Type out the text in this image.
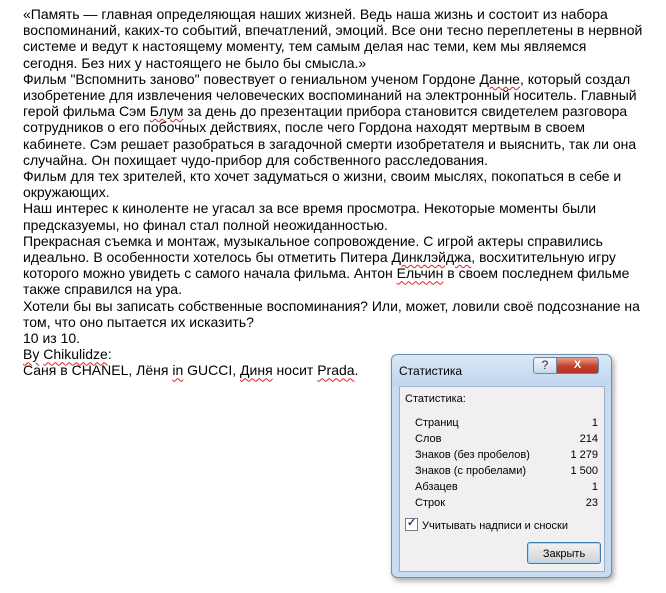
«Память — главная определяющая наших жизней. Ведь наша жизнь и состоит из набора воспоминаний, каких-то событий, впечатлений, эмоций. Все они тесно переплетены в нервной системе и ведут к настоящему моменту, тем самым делая нас теми, кем мы являемся сегодня. Без них у настоящего не было бы смысла.»

Фильм "Вспомнить заново" повествует о гениальном ученом Гордоне Данне, который создал изобретение для извлечения человеческих воспоминаний на электронный носитель. Главный герой фильма Сэм Блум за день до презентации прибора становится свидетелем разговора сотрудников о его побочных действиях, после чего Гордона находят мертвым в своем кабинете. Сэм решает разобраться в загадочной смерти изобретателя и выяснить, так ли она случайна. Он похищает чудо-прибор для собственного расследования.

Фильм для тех зрителей, кто хочет задуматься о жизни, своим мыслях, покопаться в себе и окружающих.

Наш интерес к киноленте не угасал за все время просмотра. Некоторые моменты были предсказуемы, но финал стал полной неожиданностью.

Прекрасная съемка и монтаж, музыкальное сопровождение. С игрой актеры справились идеально. В особенности хотелось бы отметить Питера Динклэйджа, восхитительную игру которого можно увидеть с самого начала фильма. Антон Ельчин в своем последнем фильме также справился на ура.

Хотели бы вы записать собственные воспоминания? Или, может, ловили своё подсознание на том, что оно пытается их исказить?

10 из 10.

By Chikulidze:

Саня в CHANEL, Лёня in GUCCI, Диня носит Prada.	Статистика	?	X
Статистика:
Страниц	1
Слов	214
Знаков (без пробелов)	1 279
Знаков (с пробелами)	1 500
Абзацев	1
Строк	23
✓ Учитывать надписи и сноски
Закрыть
